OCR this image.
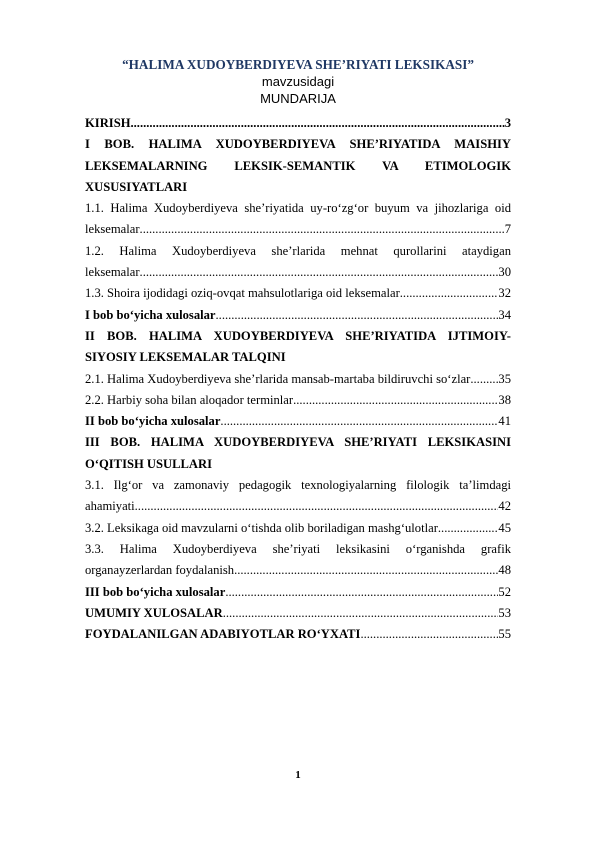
“HALIMA XUDOYBERDIYEVA SHE’RIYATI LEKSIKASI”
mavzusidagi
MUNDARIJA
KIRISH .....	3
I BOB. HALIMA XUDOYBERDIYEVA SHE’RIYATIDA MAISHIY
LEKSEMALARNING LEKSIK-SEMANTIK VA ETIMOLOGIK
XUSUSIYATLARI
1.1. Halima Xudoyberdiyeva she’riyatida uy-ro‘zg‘or buyum va jihozlariga oid
leksemalar .....	7
1.2. Halima Xudoyberdiyeva she’rlarida mehnat qurollarini ataydigan
leksemalar .....	30
1.3. Shoira ijodidagi oziq-ovqat mahsulotlariga oid leksemalar .....	32
I bob bo‘yicha xulosalar .....	34
II BOB. HALIMA XUDOYBERDIYEVA SHE’RIYATIDA IJTIMOIY-
SIYOSIY LEKSEMALAR TALQINI
2.1. Halima Xudoyberdiyeva she’rlarida mansab-martaba bildiruvchi so‘zlar ..... 35
2.2. Harbiy soha bilan aloqador terminlar .....	38
II bob bo‘yicha xulosalar .....	41
III BOB. HALIMA XUDOYBERDIYEVA SHE’RIYATI LEKSIKASINI
O‘QITISH USULLARI
3.1. Ilg‘or va zamonaviy pedagogik texnologiyalarning filologik ta’limdagi
ahamiyati .....	42
3.2. Leksikaga oid mavzularni o‘tishda olib boriladigan mashg‘ulotlar .....	45
3.3. Halima Xudoyberdiyeva she’riyati leksikasini o‘rganishda grafik
organayzerlardan foydalanish .....	48
III bob bo‘yicha xulosalar .....	52
UMUMIY XULOSALAR .....	53
FOYDALANILGAN ADABIYOTLAR RO‘YXATI .....	55
1
